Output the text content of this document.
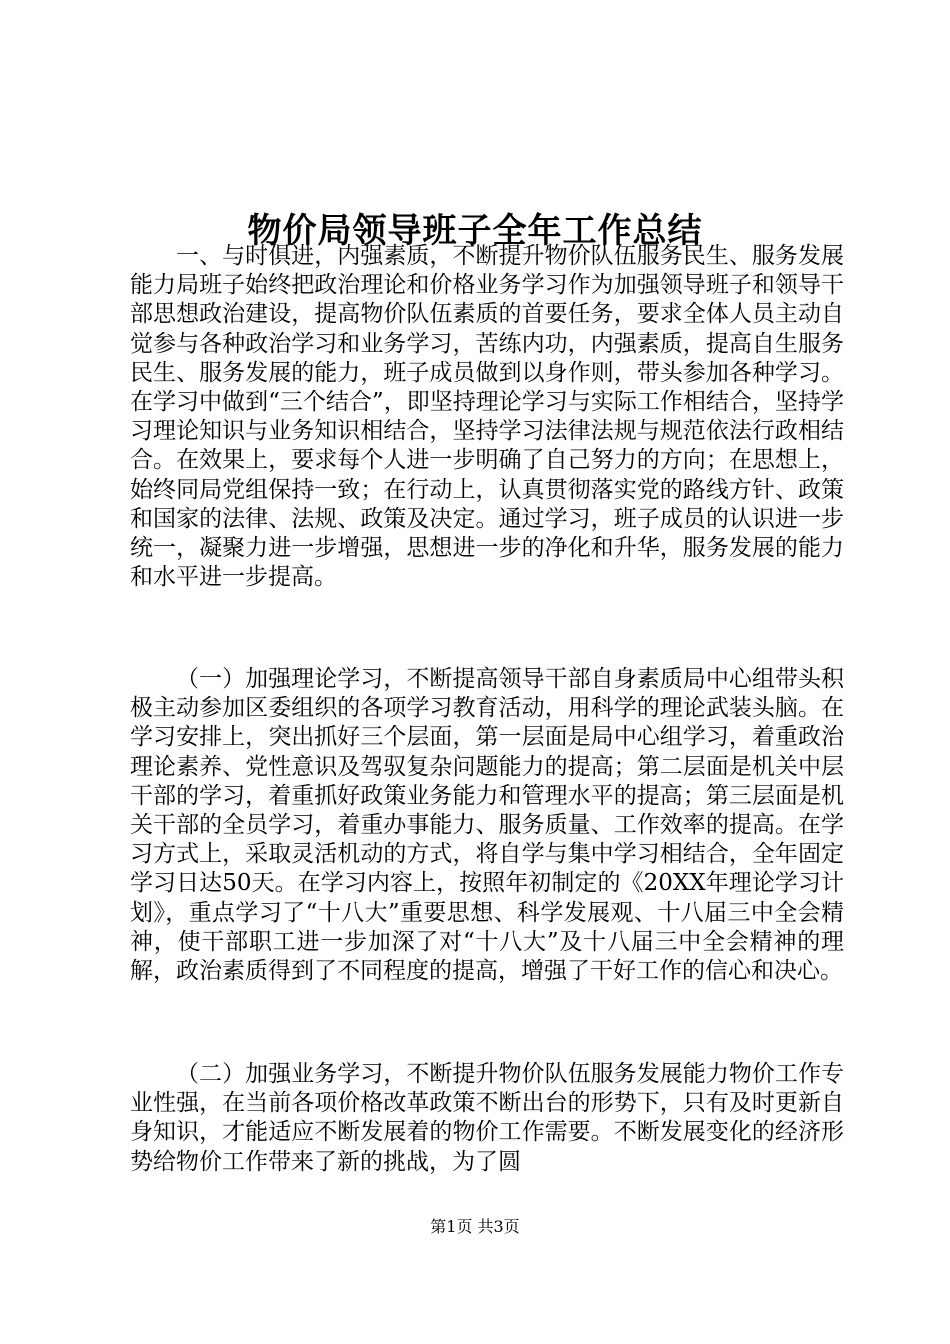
物价局领导班子全年工作总结

一、与时俱进，内强素质，不断提升物价队伍服务民生、服务发展能力局班子始终把政治理论和价格业务学习作为加强领导班子和领导干部思想政治建设，提高物价队伍素质的首要任务，要求全体人员主动自觉参与各种政治学习和业务学习，苦练内功，内强素质，提高自生服务民生、服务发展的能力，班子成员做到以身作则，带头参加各种学习。在学习中做到“三个结合”，即坚持理论学习与实际工作相结合，坚持学习理论知识与业务知识相结合，坚持学习法律法规与规范依法行政相结合。在效果上，要求每个人进一步明确了自己努力的方向；在思想上，始终同局党组保持一致；在行动上，认真贯彻落实党的路线方针、政策和国家的法律、法规、政策及决定。通过学习，班子成员的认识进一步统一，凝聚力进一步增强，思想进一步的净化和升华，服务发展的能力和水平进一步提高。

（一）加强理论学习，不断提高领导干部自身素质局中心组带头积极主动参加区委组织的各项学习教育活动，用科学的理论武装头脑。在学习安排上，突出抓好三个层面，第一层面是局中心组学习，着重政治理论素养、党性意识及驾驭复杂问题能力的提高；第二层面是机关中层干部的学习，着重抓好政策业务能力和管理水平的提高；第三层面是机关干部的全员学习，着重办事能力、服务质量、工作效率的提高。在学习方式上，采取灵活机动的方式，将自学与集中学习相结合，全年固定学习日达50天。在学习内容上，按照年初制定的《20XX年理论学习计划》，重点学习了“十八大”重要思想、科学发展观、十八届三中全会精神，使干部职工进一步加深了对“十八大”及十八届三中全会精神的理解，政治素质得到了不同程度的提高，增强了干好工作的信心和决心。

（二）加强业务学习，不断提升物价队伍服务发展能力物价工作专业性强，在当前各项价格改革政策不断出台的形势下，只有及时更新自身知识，才能适应不断发展着的物价工作需要。不断发展变化的经济形势给物价工作带来了新的挑战，为了圆

第1页 共3页
